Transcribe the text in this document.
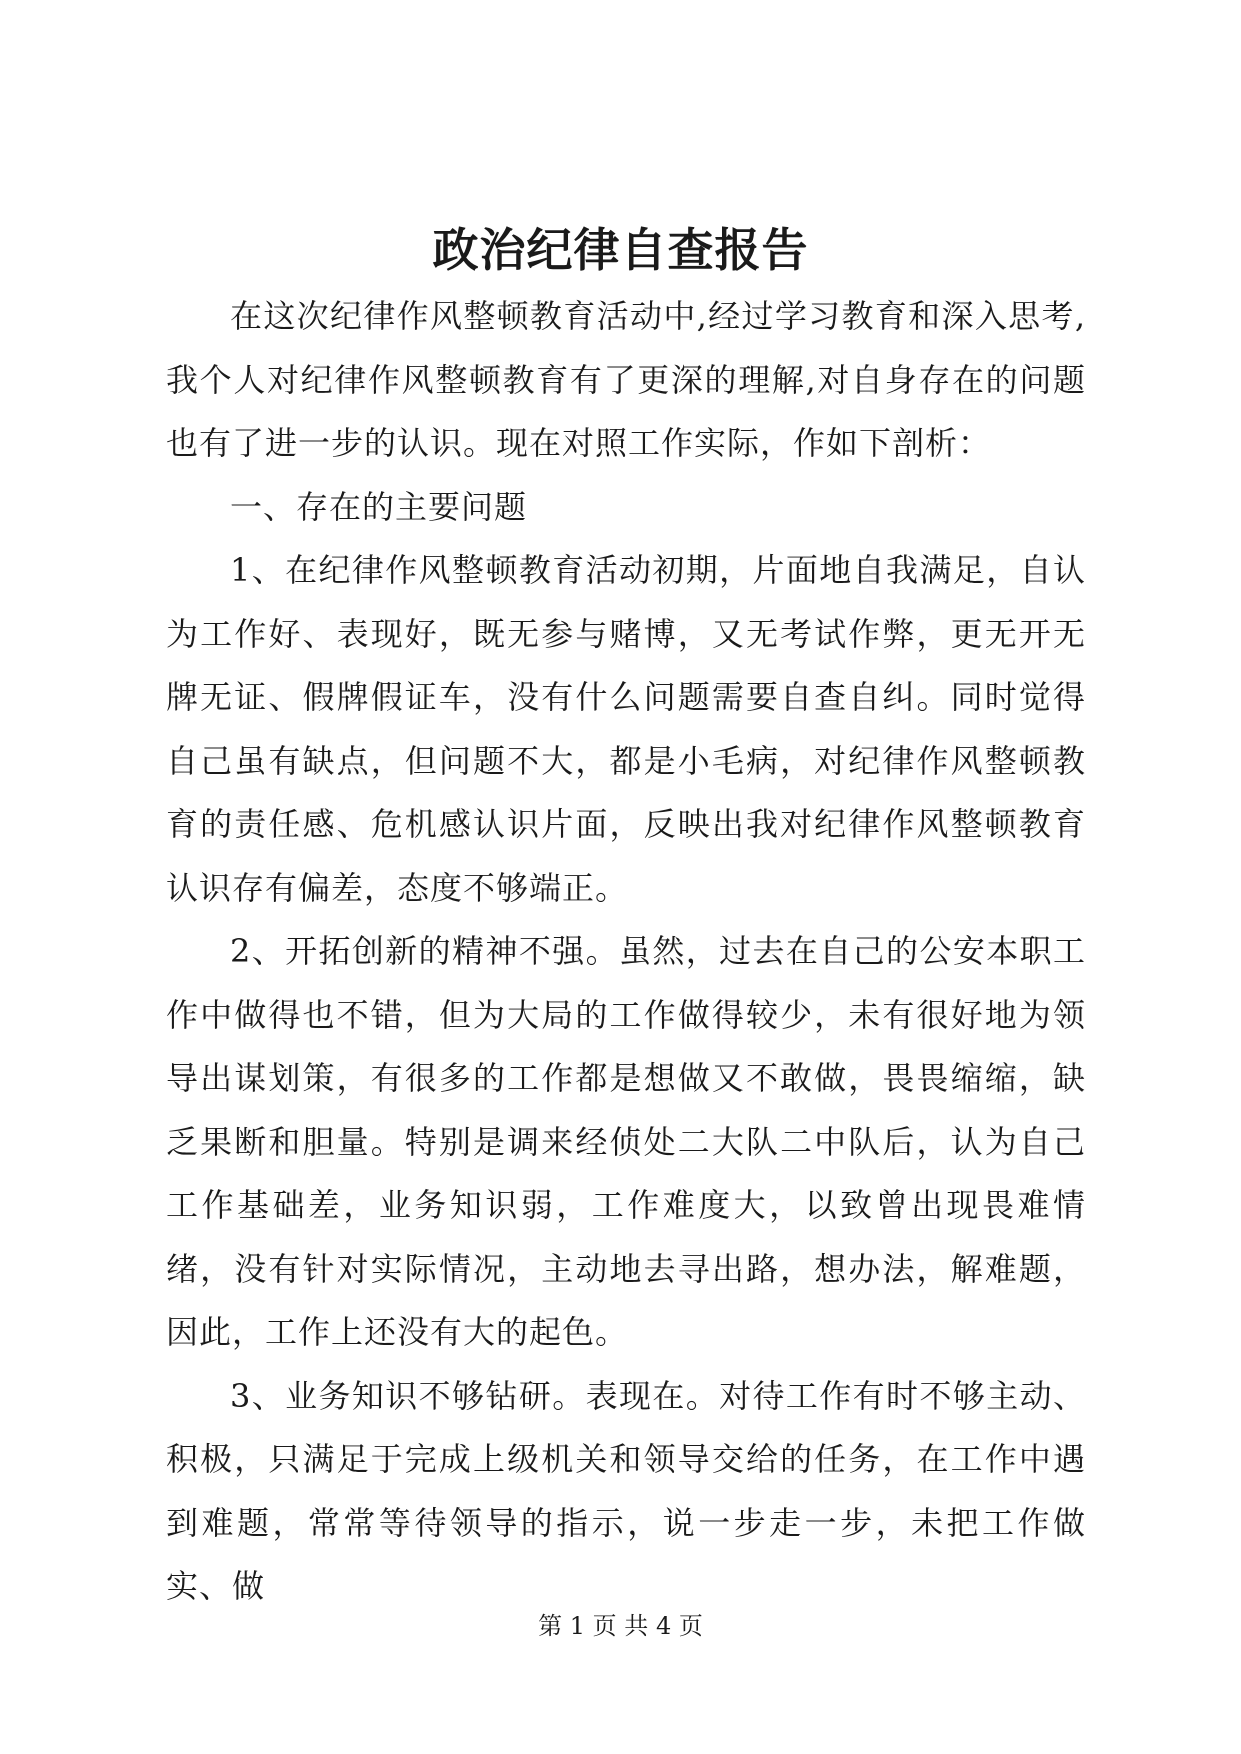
政治纪律自查报告

在这次纪律作风整顿教育活动中,经过学习教育和深入思考,我个人对纪律作风整顿教育有了更深的理解,对自身存在的问题也有了进一步的认识。现在对照工作实际，作如下剖析：

一、存在的主要问题

1、在纪律作风整顿教育活动初期，片面地自我满足，自认为工作好、表现好，既无参与赌博，又无考试作弊，更无开无牌无证、假牌假证车，没有什么问题需要自查自纠。同时觉得自己虽有缺点，但问题不大，都是小毛病，对纪律作风整顿教育的责任感、危机感认识片面，反映出我对纪律作风整顿教育认识存有偏差，态度不够端正。

2、开拓创新的精神不强。虽然，过去在自己的公安本职工作中做得也不错，但为大局的工作做得较少，未有很好地为领导出谋划策，有很多的工作都是想做又不敢做，畏畏缩缩，缺乏果断和胆量。特别是调来经侦处二大队二中队后，认为自己工作基础差，业务知识弱，工作难度大，以致曾出现畏难情绪，没有针对实际情况，主动地去寻出路，想办法，解难题，因此，工作上还没有大的起色。

3、业务知识不够钻研。表现在。对待工作有时不够主动、积极，只满足于完成上级机关和领导交给的任务，在工作中遇到难题，常常等待领导的指示，说一步走一步，未把工作做实、做

第 1 页 共 4 页
